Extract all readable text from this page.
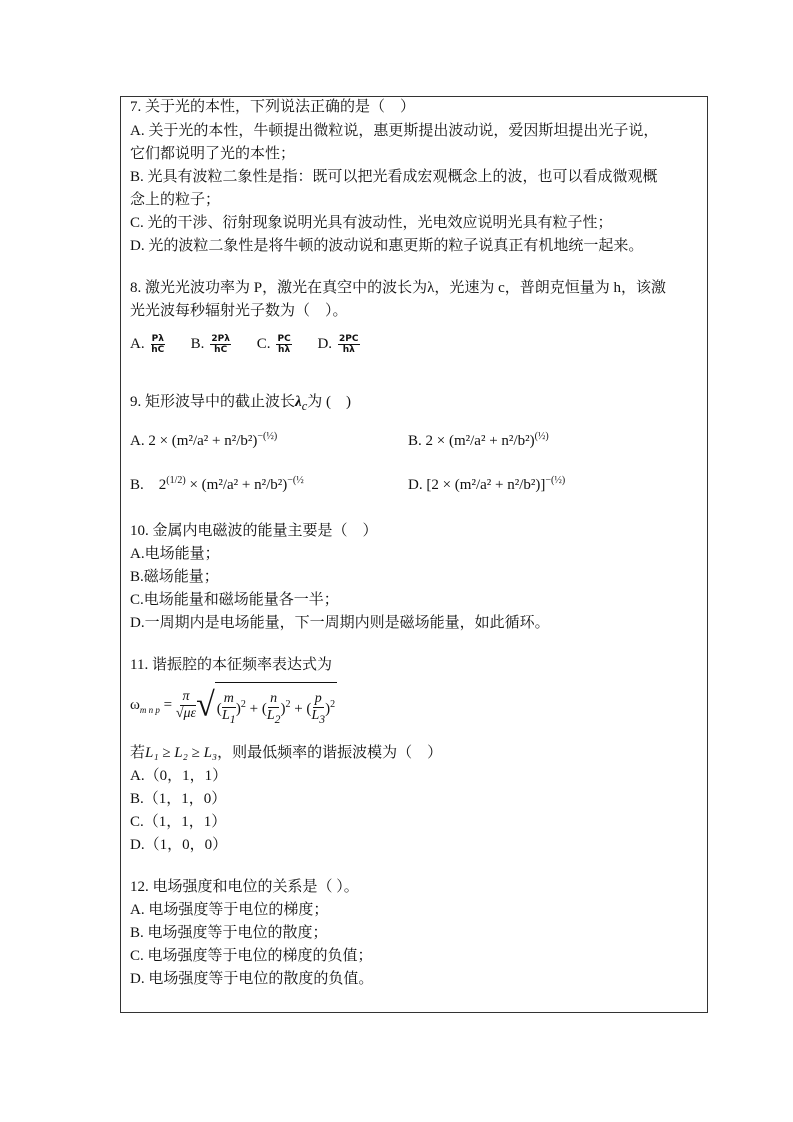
7. 关于光的本性，下列说法正确的是（　）
A. 关于光的本性，牛顿提出微粒说，惠更斯提出波动说，爱因斯坦提出光子说，
它们都说明了光的本性；
B. 光具有波粒二象性是指：既可以把光看成宏观概念上的波，也可以看成微观概
念上的粒子；
C. 光的干涉、衍射现象说明光具有波动性，光电效应说明光具有粒子性；
D. 光的波粒二象性是将牛顿的波动说和惠更斯的粒子说真正有机地统一起来。
8. 激光光波功率为 P，激光在真空中的波长为λ，光速为 c，普朗克恒量为 h，该激
光光波每秒辐射光子数为（　）。
A. $\frac{P\lambda}{hC} B$. $\frac{2P\lambda}{hC} C$. $\frac{PC}{h\lambda} D$. $\frac{2PC}{h\lambda}$
9. 矩形波导中的截止波长$\lambda_c$为 (　)
A. $2 \times (m^2/a^2 + n^2/b^2)^{-(\frac{1}{2})}$	B. $2 \times (m^2/a^2 + n^2/b^2)^{(\frac{1}{2})}$
B. $2^{(1/2)} \times (m^2/a^2 + n^2/b^2)^{-(\frac{1}{2}}$	D. $[2 \times (m^2/a^2 + n^2/b^2)]^{-(\frac{1}{2})}$
10. 金属内电磁波的能量主要是（　）
A.电场能量；
B.磁场能量；
C.电场能量和磁场能量各一半；
D.一周期内是电场能量，下一周期内则是磁场能量，如此循环。
11. 谐振腔的本征频率表达式为
$\omega_{m n p} = \frac{\pi}{√\mu\varepsilon}$ √( $\frac{m}{L_1} )^2$ + ( $\frac{n}{L_2} )^2$ + ( $\frac{p}{L_3} )^2$
若L₁ ≥ L₂ ≥ L₃，则最低频率的谐振波模为（　）
A.（0，1，1）
B.（1，1，0）
C.（1，1，1）
D.（1，0，0）
12. 电场强度和电位的关系是（ ）。
A. 电场强度等于电位的梯度；
B. 电场强度等于电位的散度；
C. 电场强度等于电位的梯度的负值；
D. 电场强度等于电位的散度的负值。
